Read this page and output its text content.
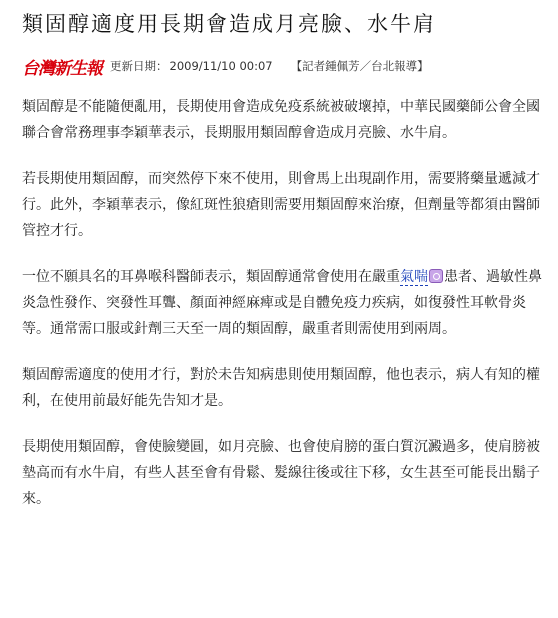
類固醇適度用長期會造成月亮臉、水牛肩
台灣新生報 更新日期： 2009/11/10 00:07 【記者鍾佩芳／台北報導】

類固醇是不能隨便亂用，長期使用會造成免疫系統被破壞掉，中華民國藥師公會全國聯合會常務理事李穎華表示，長期服用類固醇會造成月亮臉、水牛肩。

若長期使用類固醇，而突然停下來不使用，則會馬上出現副作用，需要將藥量遞減才行。此外，李穎華表示，像紅斑性狼瘡則需要用類固醇來治療，但劑量等都須由醫師管控才行。

一位不願具名的耳鼻喉科醫師表示，類固醇通常會使用在嚴重氣喘 患者、過敏性鼻炎急性發作、突發性耳聾、顏面神經麻痺或是自體免疫力疾病，如復發性耳軟骨炎等。通常需口服或針劑三天至一周的類固醇，嚴重者則需使用到兩周。

類固醇需適度的使用才行，對於未告知病患則使用類固醇，他也表示，病人有知的權利，在使用前最好能先告知才是。

長期使用類固醇，會使臉變圓，如月亮臉、也會使肩膀的蛋白質沉澱過多，使肩膀被墊高而有水牛肩，有些人甚至會有骨鬆、髮線往後或往下移，女生甚至可能長出鬍子來。
